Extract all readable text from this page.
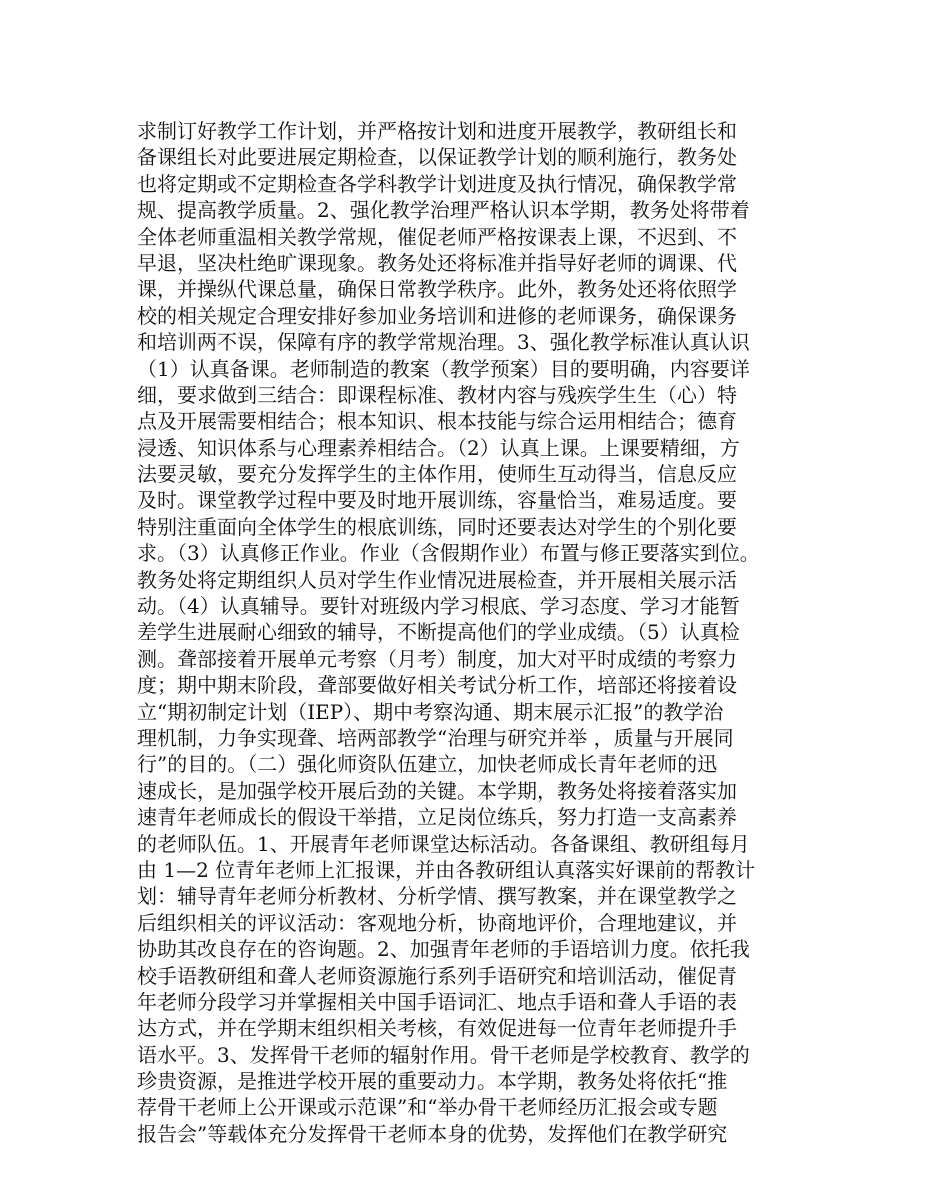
求制订好教学工作计划，并严格按计划和进度开展教学，教研组长和
备课组长对此要进展定期检查，以保证教学计划的顺利施行，教务处
也将定期或不定期检查各学科教学计划进度及执行情况，确保教学常
规、提高教学质量。2、强化教学治理严格认识本学期，教务处将带着
全体老师重温相关教学常规，催促老师严格按课表上课，不迟到、不
早退，坚决杜绝旷课现象。教务处还将标准并指导好老师的调课、代
课，并操纵代课总量，确保日常教学秩序。此外，教务处还将依照学
校的相关规定合理安排好参加业务培训和进修的老师课务，确保课务
和培训两不误，保障有序的教学常规治理。3、强化教学标准认真认识
（1）认真备课。老师制造的教案（教学预案）目的要明确，内容要详
细，要求做到三结合：即课程标准、教材内容与残疾学生生（心）特
点及开展需要相结合；根本知识、根本技能与综合运用相结合；德育
浸透、知识体系与心理素养相结合。（2）认真上课。上课要精细，方
法要灵敏，要充分发挥学生的主体作用，使师生互动得当，信息反应
及时。课堂教学过程中要及时地开展训练，容量恰当，难易适度。要
特别注重面向全体学生的根底训练，同时还要表达对学生的个别化要
求。（3）认真修正作业。作业（含假期作业）布置与修正要落实到位。
教务处将定期组织人员对学生作业情况进展检查，并开展相关展示活
动。（4）认真辅导。要针对班级内学习根底、学习态度、学习才能暂
差学生进展耐心细致的辅导，不断提高他们的学业成绩。（5）认真检
测。聋部接着开展单元考察（月考）制度，加大对平时成绩的考察力
度；期中期末阶段，聋部要做好相关考试分析工作，培部还将接着设
立“期初制定计划（IEP）、期中考察沟通、期末展示汇报”的教学治
理机制，力争实现聋、培两部教学“治理与研究并举 ，质量与开展同
行”的目的。（二）强化师资队伍建立，加快老师成长青年老师的迅
速成长，是加强学校开展后劲的关键。本学期，教务处将接着落实加
速青年老师成长的假设干举措，立足岗位练兵，努力打造一支高素养
的老师队伍。1、开展青年老师课堂达标活动。各备课组、教研组每月
由 1—2 位青年老师上汇报课，并由各教研组认真落实好课前的帮教计
划：辅导青年老师分析教材、分析学情、撰写教案，并在课堂教学之
后组织相关的评议活动：客观地分析，协商地评价，合理地建议，并
协助其改良存在的咨询题。2、加强青年老师的手语培训力度。依托我
校手语教研组和聋人老师资源施行系列手语研究和培训活动，催促青
年老师分段学习并掌握相关中国手语词汇、地点手语和聋人手语的表
达方式，并在学期末组织相关考核，有效促进每一位青年老师提升手
语水平。3、发挥骨干老师的辐射作用。骨干老师是学校教育、教学的
珍贵资源，是推进学校开展的重要动力。本学期，教务处将依托“推
荐骨干老师上公开课或示范课”和“举办骨干老师经历汇报会或专题
报告会”等载体充分发挥骨干老师本身的优势，发挥他们在教学研究
